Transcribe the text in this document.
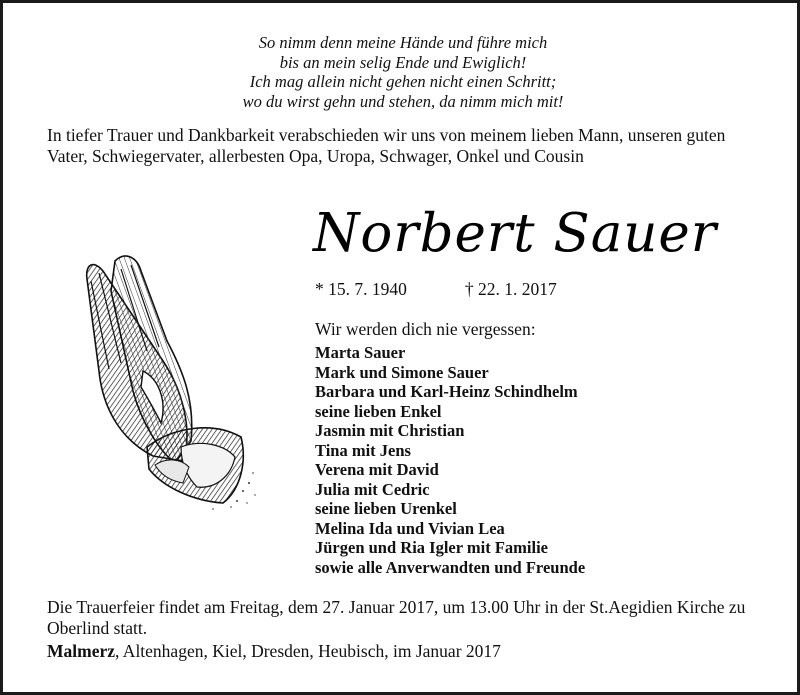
So nimm denn meine Hände und führe mich
bis an mein selig Ende und Ewiglich!
Ich mag allein nicht gehen nicht einen Schritt;
wo du wirst gehn und stehen, da nimm mich mit!
In tiefer Trauer und Dankbarkeit verabschieden wir uns von meinem lieben Mann, unseren guten Vater, Schwiegervater, allerbesten Opa, Uropa, Schwager, Onkel und Cousin
Norbert Sauer
* 15. 7. 1940	† 22. 1. 2017
Wir werden dich nie vergessen:
Marta Sauer
Mark und Simone Sauer
Barbara und Karl-Heinz Schindhelm
seine lieben Enkel
Jasmin mit Christian
Tina mit Jens
Verena mit David
Julia mit Cedric
seine lieben Urenkel
Melina Ida und Vivian Lea
Jürgen und Ria Igler mit Familie
sowie alle Anverwandten und Freunde
Die Trauerfeier findet am Freitag, dem 27. Januar 2017, um 13.00 Uhr in der St.Aegidien Kirche zu Oberlind statt.
Malmerz, Altenhagen, Kiel, Dresden, Heubisch, im Januar 2017
